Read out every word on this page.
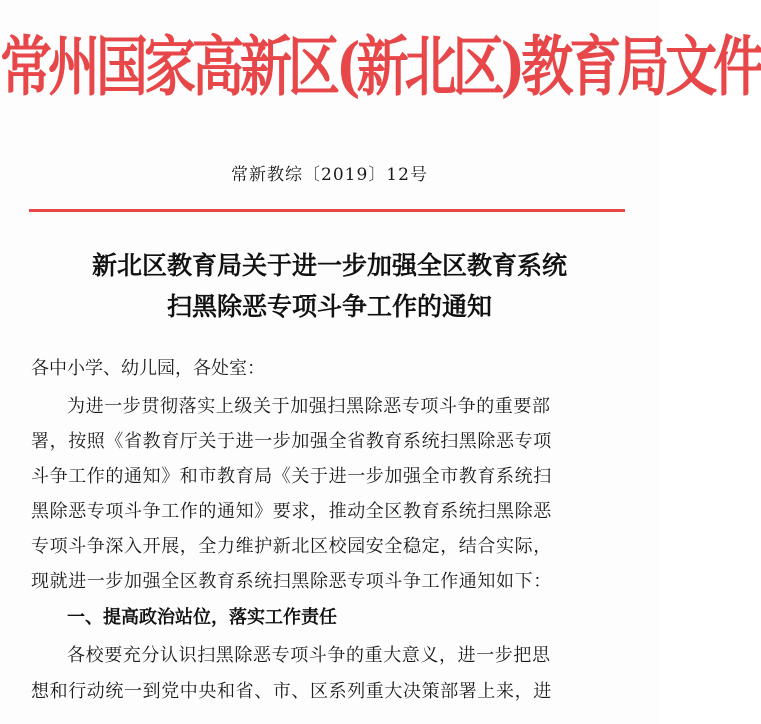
常州国家高新区(新北区)教育局文件
常新教综〔2019〕12号
新北区教育局关于进一步加强全区教育系统
扫黑除恶专项斗争工作的通知
各中小学、幼儿园，各处室：
为进一步贯彻落实上级关于加强扫黑除恶专项斗争的重要部
署，按照《省教育厅关于进一步加强全省教育系统扫黑除恶专项
斗争工作的通知》和市教育局《关于进一步加强全市教育系统扫
黑除恶专项斗争工作的通知》要求，推动全区教育系统扫黑除恶
专项斗争深入开展，全力维护新北区校园安全稳定，结合实际，
现就进一步加强全区教育系统扫黑除恶专项斗争工作通知如下：
一、提高政治站位，落实工作责任
各校要充分认识扫黑除恶专项斗争的重大意义，进一步把思
想和行动统一到党中央和省、市、区系列重大决策部署上来，进
